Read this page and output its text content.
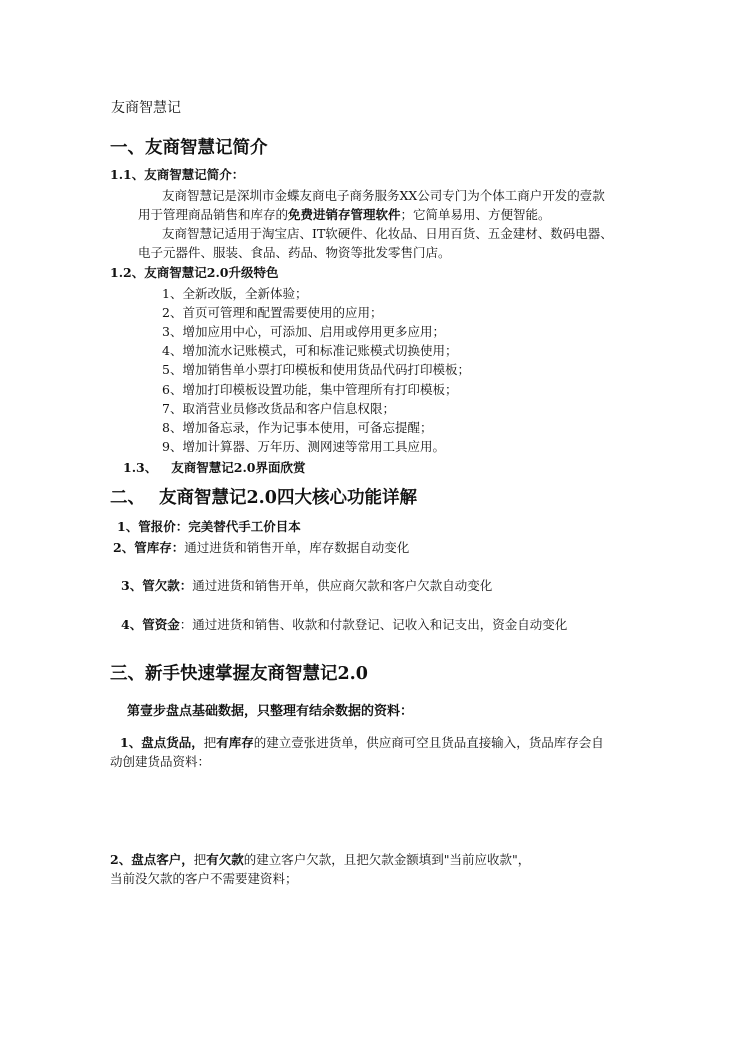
友商智慧记
一、友商智慧记简介
1.1、友商智慧记简介：
友商智慧记是深圳市金蝶友商电子商务服务XX公司专门为个体工商户开发的壹款
用于管理商品销售和库存的免费进销存管理软件；它简单易用、方便智能。
友商智慧记适用于淘宝店、IT软硬件、化妆品、日用百货、五金建材、数码电器、
电子元器件、服装、食品、药品、物资等批发零售门店。
1.2、友商智慧记2.0升级特色
1、全新改版，全新体验；
2、首页可管理和配置需要使用的应用；
3、增加应用中心，可添加、启用或停用更多应用；
4、增加流水记账模式，可和标准记账模式切换使用；
5、增加销售单小票打印模板和使用货品代码打印模板；
6、增加打印模板设置功能，集中管理所有打印模板；
7、取消营业员修改货品和客户信息权限；
8、增加备忘录，作为记事本使用，可备忘提醒；
9、增加计算器、万年历、测网速等常用工具应用。
1.3、 友商智慧记2.0界面欣赏
二、 友商智慧记2.0四大核心功能详解
1、管报价：完美替代手工价目本
2、管库存：通过进货和销售开单，库存数据自动变化
3、管欠款：通过进货和销售开单，供应商欠款和客户欠款自动变化
4、管资金：通过进货和销售、收款和付款登记、记收入和记支出，资金自动变化
三、新手快速掌握友商智慧记2.0
第壹步盘点基础数据，只整理有结余数据的资料：
1、盘点货品，把有库存的建立壹张进货单，供应商可空且货品直接输入，货品库存会自
动创建货品资料：
2、盘点客户，把有欠款的建立客户欠款，且把欠款金额填到"当前应收款"，
当前没欠款的客户不需要建资料；
